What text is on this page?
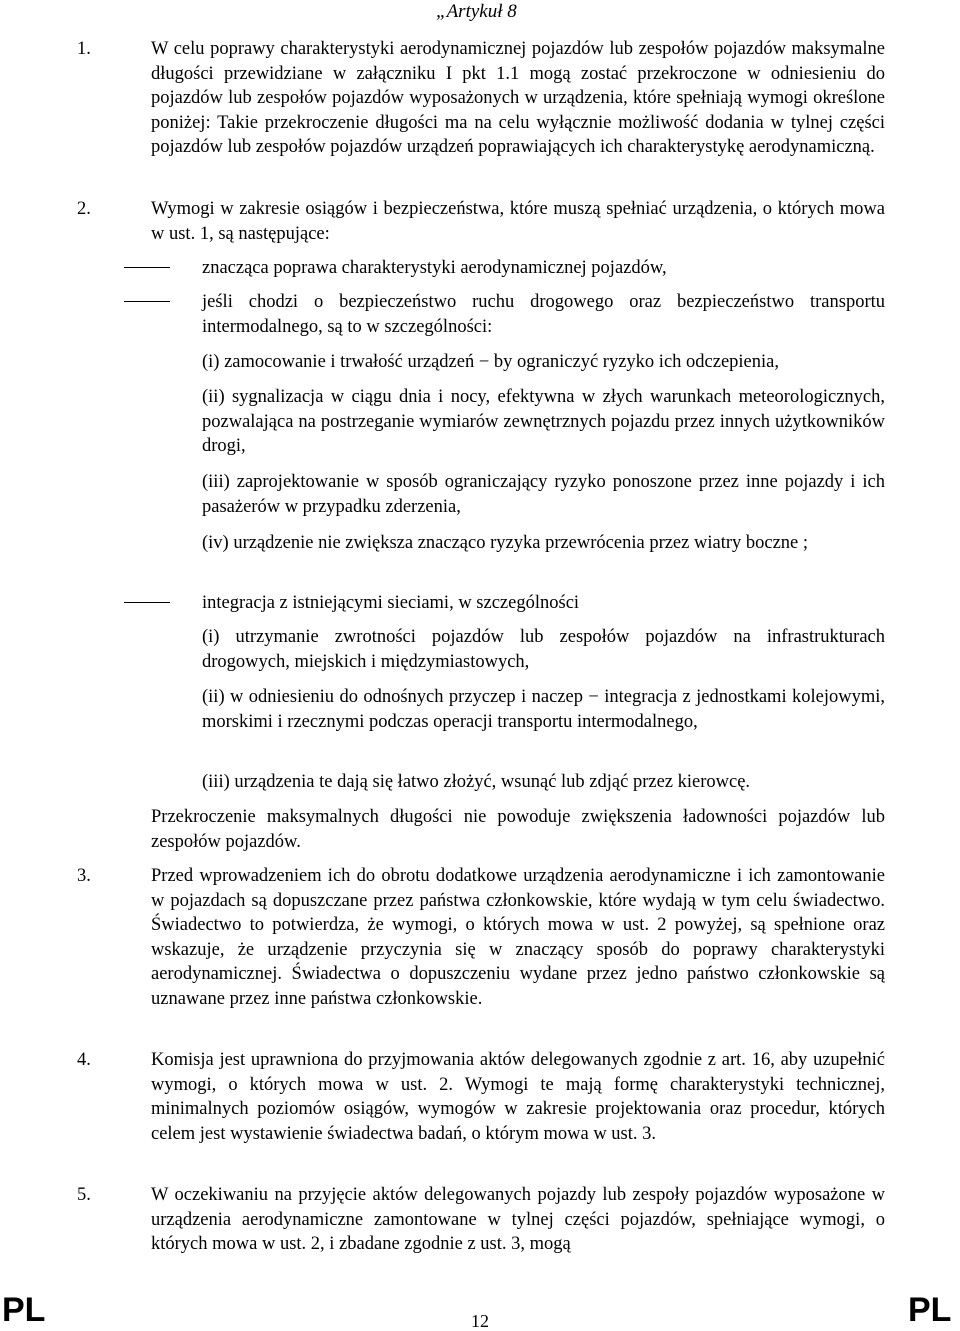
„Artykuł 8
1.	W celu poprawy charakterystyki aerodynamicznej pojazdów lub zespołów pojazdów maksymalne długości przewidziane w załączniku I pkt 1.1 mogą zostać przekroczone w odniesieniu do pojazdów lub zespołów pojazdów wyposażonych w urządzenia, które spełniają wymogi określone poniżej: Takie przekroczenie długości ma na celu wyłącznie możliwość dodania w tylnej części pojazdów lub zespołów pojazdów urządzeń poprawiających ich charakterystykę aerodynamiczną.
2.	Wymogi w zakresie osiągów i bezpieczeństwa, które muszą spełniać urządzenia, o których mowa w ust. 1, są następujące:
znacząca poprawa charakterystyki aerodynamicznej pojazdów,
jeśli chodzi o bezpieczeństwo ruchu drogowego oraz bezpieczeństwo transportu intermodalnego, są to w szczególności:
(i) zamocowanie i trwałość urządzeń − by ograniczyć ryzyko ich odczepienia,
(ii) sygnalizacja w ciągu dnia i nocy, efektywna w złych warunkach meteorologicznych, pozwalająca na postrzeganie wymiarów zewnętrznych pojazdu przez innych użytkowników drogi,
(iii) zaprojektowanie w sposób ograniczający ryzyko ponoszone przez inne pojazdy i ich pasażerów w przypadku zderzenia,
(iv) urządzenie nie zwiększa znacząco ryzyka przewrócenia przez wiatry boczne ;
integracja z istniejącymi sieciami, w szczególności
(i) utrzymanie zwrotności pojazdów lub zespołów pojazdów na infrastrukturach drogowych, miejskich i międzymiastowych,
(ii) w odniesieniu do odnośnych przyczep i naczep − integracja z jednostkami kolejowymi, morskimi i rzecznymi podczas operacji transportu intermodalnego,
(iii) urządzenia te dają się łatwo złożyć, wsunąć lub zdjąć przez kierowcę.
Przekroczenie maksymalnych długości nie powoduje zwiększenia ładowności pojazdów lub zespołów pojazdów.
3.	Przed wprowadzeniem ich do obrotu dodatkowe urządzenia aerodynamiczne i ich zamontowanie w pojazdach są dopuszczane przez państwa członkowskie, które wydają w tym celu świadectwo. Świadectwo to potwierdza, że wymogi, o których mowa w ust. 2 powyżej, są spełnione oraz wskazuje, że urządzenie przyczynia się w znaczący sposób do poprawy charakterystyki aerodynamicznej. Świadectwa o dopuszczeniu wydane przez jedno państwo członkowskie są uznawane przez inne państwa członkowskie.
4.	Komisja jest uprawniona do przyjmowania aktów delegowanych zgodnie z art. 16, aby uzupełnić wymogi, o których mowa w ust. 2. Wymogi te mają formę charakterystyki technicznej, minimalnych poziomów osiągów, wymogów w zakresie projektowania oraz procedur, których celem jest wystawienie świadectwa badań, o którym mowa w ust. 3.
5.	W oczekiwaniu na przyjęcie aktów delegowanych pojazdy lub zespoły pojazdów wyposażone w urządzenia aerodynamiczne zamontowane w tylnej części pojazdów, spełniające wymogi, o których mowa w ust. 2, i zbadane zgodnie z ust. 3, mogą
PL	12	PL
